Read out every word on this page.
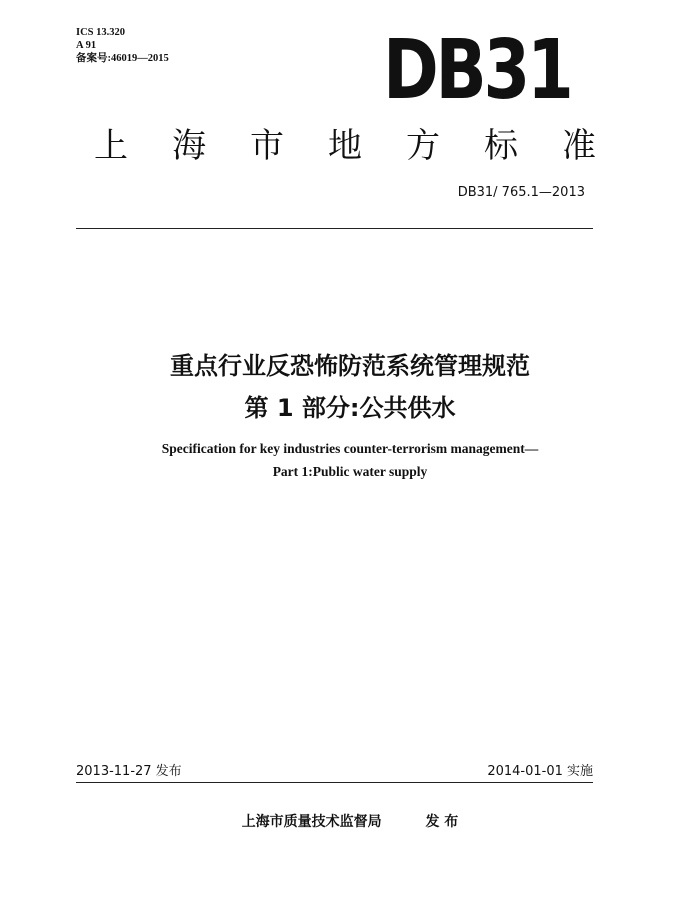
ICS 13.320
A 91
备案号:46019—2015	DB31
上海市地方标准
DB31/ 765.1—2013
重点行业反恐怖防范系统管理规范
第 1 部分:公共供水
Specification for key industries counter-terrorism management—
Part 1:Public water supply
2013-11-27 发布	2014-01-01 实施
上海市质量技术监督局	发 布
